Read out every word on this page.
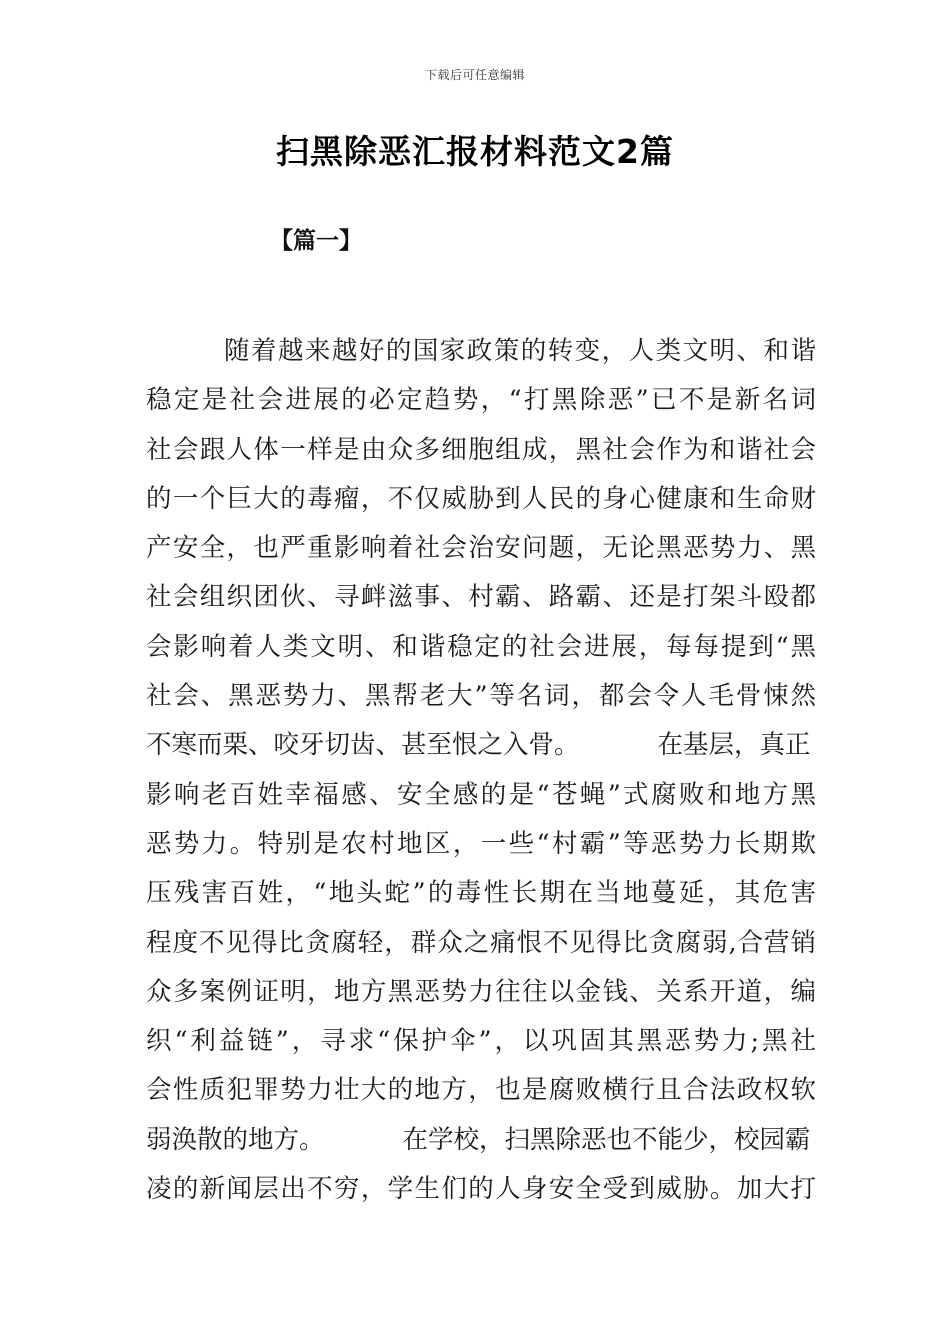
下载后可任意编辑
扫黑除恶汇报材料范文2篇
【篇一】
随着越来越好的国家政策的转变，人类文明、和谐
稳定是社会进展的必定趋势，“打黑除恶”已不是新名词
社会跟人体一样是由众多细胞组成，黑社会作为和谐社会
的一个巨大的毒瘤，不仅威胁到人民的身心健康和生命财
产安全，也严重影响着社会治安问题，无论黑恶势力、黑
社会组织团伙、寻衅滋事、村霸、路霸、还是打架斗殴都
会影响着人类文明、和谐稳定的社会进展，每每提到“黑
社会、黑恶势力、黑帮老大”等名词，都会令人毛骨悚然
不寒而栗、咬牙切齿、甚至恨之入骨。	在基层，真正
影响老百姓幸福感、安全感的是“苍蝇”式腐败和地方黑
恶势力。特别是农村地区，一些“村霸”等恶势力长期欺
压残害百姓，“地头蛇”的毒性长期在当地蔓延，其危害
程度不见得比贪腐轻，群众之痛恨不见得比贪腐弱,合营销
众多案例证明，地方黑恶势力往往以金钱、关系开道，编
织“利益链”，寻求“保护伞”，以巩固其黑恶势力;黑社
会性质犯罪势力壮大的地方，也是腐败横行且合法政权软
弱涣散的地方。	在学校，扫黑除恶也不能少，校园霸
凌的新闻层出不穷，学生们的人身安全受到威胁。加大打
